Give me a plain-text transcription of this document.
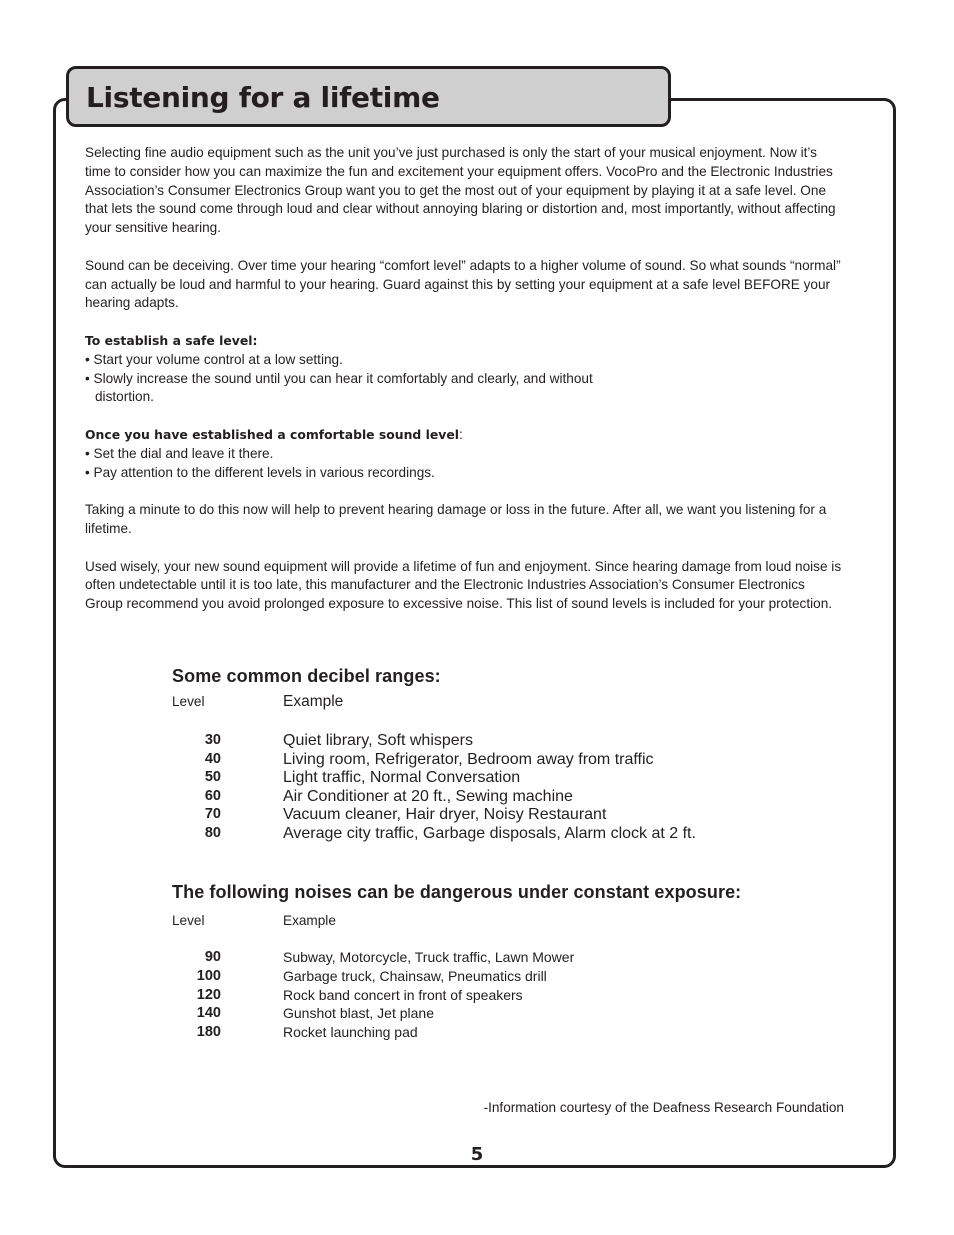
Listening for a lifetime

Selecting fine audio equipment such as the unit you’ve just purchased is only the start of your musical enjoyment. Now it’s time to consider how you can maximize the fun and excitement your equipment offers. VocoPro and the Electronic Industries Association’s Consumer Electronics Group want you to get the most out of your equipment by playing it at a safe level. One that lets the sound come through loud and clear without annoying blaring or distortion and, most importantly, without affecting your sensitive hearing.

Sound can be deceiving. Over time your hearing “comfort level” adapts to a higher volume of sound. So what sounds “normal” can actually be loud and harmful to your hearing. Guard against this by setting your equipment at a safe level BEFORE your hearing adapts.

To establish a safe level:
• Start your volume control at a low setting.
• Slowly increase the sound until you can hear it comfortably and clearly, and without
distortion.
Once you have established a comfortable sound level:
• Set the dial and leave it there.
• Pay attention to the different levels in various recordings.

Taking a minute to do this now will help to prevent hearing damage or loss in the future. After all, we want you listening for a lifetime.

Used wisely, your new sound equipment will provide a lifetime of fun and enjoyment. Since hearing damage from loud noise is often undetectable until it is too late, this manufacturer and the Electronic Industries Association’s Consumer Electronics Group recommend you avoid prolonged exposure to excessive noise. This list of sound levels is included for your protection.

Some common decibel ranges:
Level	Example
30	Quiet library, Soft whispers
40	Living room, Refrigerator, Bedroom away from traffic
50	Light traffic, Normal Conversation
60	Air Conditioner at 20 ft., Sewing machine
70	Vacuum cleaner, Hair dryer, Noisy Restaurant
80	Average city traffic, Garbage disposals, Alarm clock at 2 ft.
The following noises can be dangerous under constant exposure:
Level	Example
90	Subway, Motorcycle, Truck traffic, Lawn Mower
100	Garbage truck, Chainsaw, Pneumatics drill
120	Rock band concert in front of speakers
140	Gunshot blast, Jet plane
180	Rocket launching pad
-Information courtesy of the Deafness Research Foundation
5
